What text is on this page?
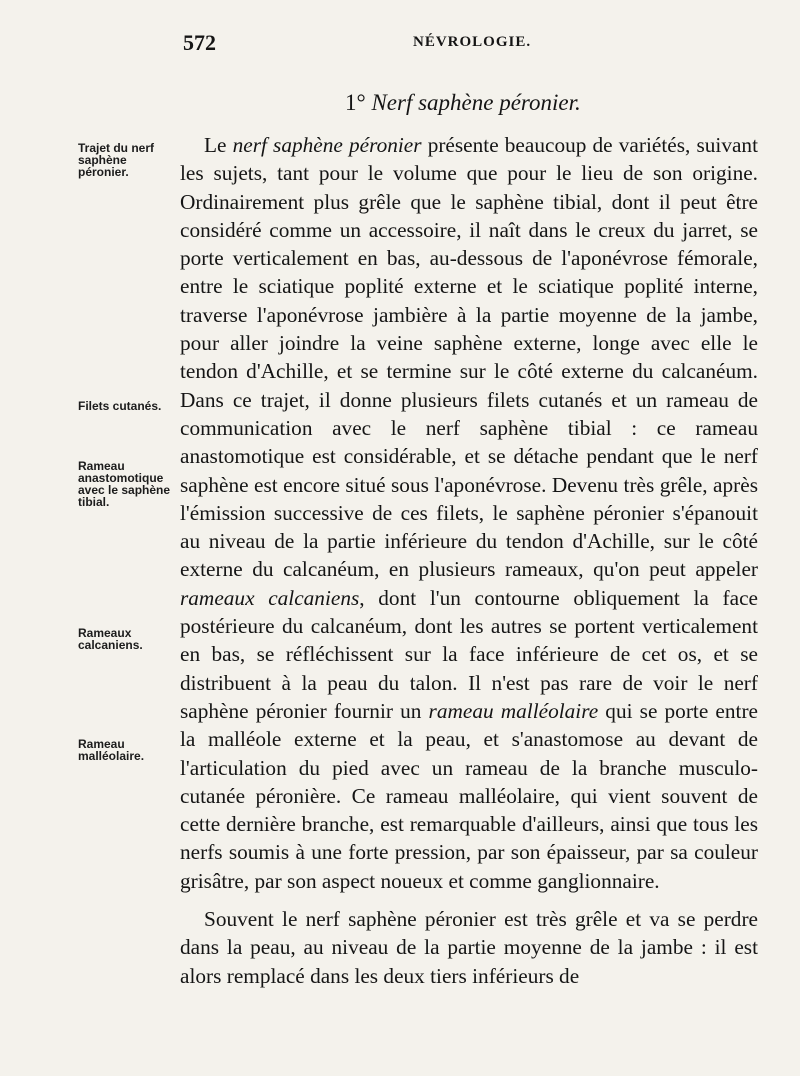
572	NÉVROLOGIE.
1° Nerf saphène péronier.
Trajet du nerf saphène péronier.
Filets cutanés.
Rameau anastomotique avec le saphène tibial.
Rameaux calcaniens.
Rameau malléolaire.

Le nerf saphène péronier présente beaucoup de variétés, suivant les sujets, tant pour le volume que pour le lieu de son origine. Ordinairement plus grêle que le saphène tibial, dont il peut être considéré comme un accessoire, il naît dans le creux du jarret, se porte verticalement en bas, au-dessous de l'aponévrose fémorale, entre le sciatique poplité externe et le sciatique poplité interne, traverse l'aponévrose jambière à la partie moyenne de la jambe, pour aller joindre la veine saphène externe, longe avec elle le tendon d'Achille, et se termine sur le côté externe du calcanéum. Dans ce trajet, il donne plusieurs filets cutanés et un rameau de communication avec le nerf saphène tibial : ce rameau anastomotique est considérable, et se détache pendant que le nerf saphène est encore situé sous l'aponévrose. Devenu très grêle, après l'émission successive de ces filets, le saphène péronier s'épanouit au niveau de la partie inférieure du tendon d'Achille, sur le côté externe du calcanéum, en plusieurs rameaux, qu'on peut appeler rameaux calcaniens, dont l'un contourne obliquement la face postérieure du calcanéum, dont les autres se portent verticalement en bas, se réfléchissent sur la face inférieure de cet os, et se distribuent à la peau du talon. Il n'est pas rare de voir le nerf saphène péronier fournir un rameau malléolaire qui se porte entre la malléole externe et la peau, et s'anastomose au devant de l'articulation du pied avec un rameau de la branche musculo-cutanée péronière. Ce rameau malléolaire, qui vient souvent de cette dernière branche, est remarquable d'ailleurs, ainsi que tous les nerfs soumis à une forte pression, par son épaisseur, par sa couleur grisâtre, par son aspect noueux et comme ganglionnaire.

Souvent le nerf saphène péronier est très grêle et va se perdre dans la peau, au niveau de la partie moyenne de la jambe : il est alors remplacé dans les deux tiers inférieurs de
